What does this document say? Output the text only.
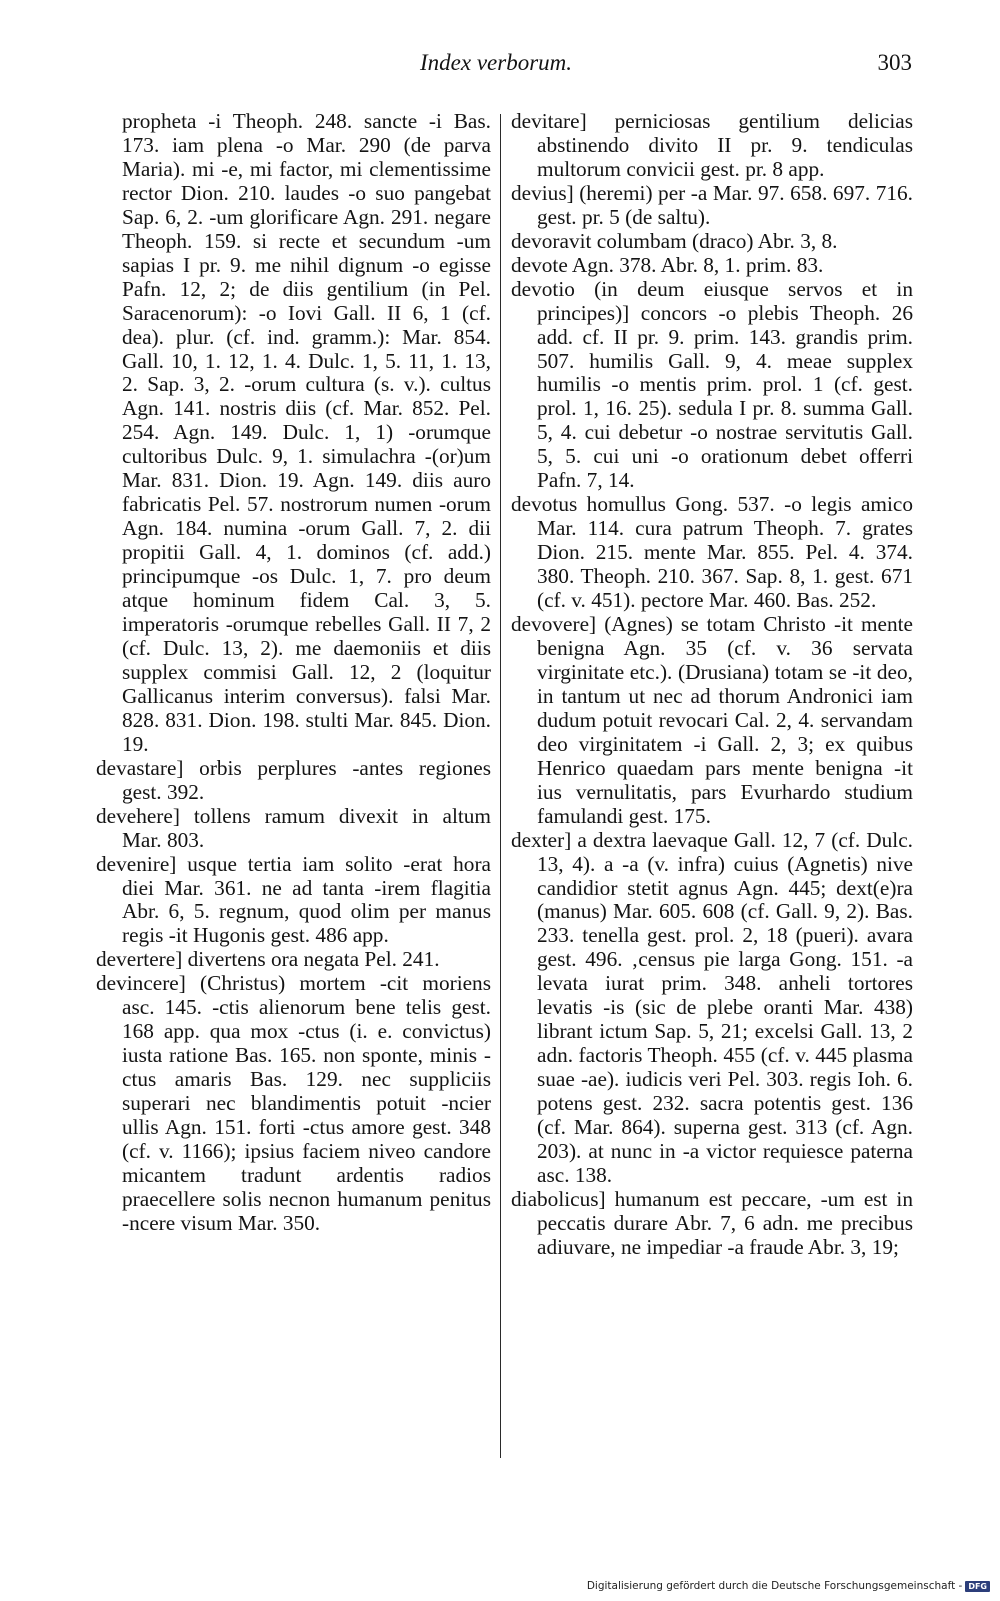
Index verborum.	303

propheta -i Theoph. 248. sancte -i Bas. 173. iam plena -o Mar. 290 (de parva Maria). mi -e, mi factor, mi clementissime rector Dion. 210. laudes -o suo pangebat Sap. 6, 2. -um glorificare Agn. 291. negare Theoph. 159. si recte et secundum -um sapias I pr. 9. me nihil dignum -o egisse Pafn. 12, 2; de diis gentilium (in Pel. Saracenorum): -o Iovi Gall. II 6, 1 (cf. dea). plur. (cf. ind. gramm.): Mar. 854. Gall. 10, 1. 12, 1. 4. Dulc. 1, 5. 11, 1. 13, 2. Sap. 3, 2. -orum cultura (s. v.). cultus Agn. 141. nostris diis (cf. Mar. 852. Pel. 254. Agn. 149. Dulc. 1, 1) -orumque cultoribus Dulc. 9, 1. simulachra -(or)um Mar. 831. Dion. 19. Agn. 149. diis auro fabricatis Pel. 57. nostrorum numen -orum Agn. 184. numina -orum Gall. 7, 2. dii propitii Gall. 4, 1. dominos (cf. add.) principumque -os Dulc. 1, 7. pro deum atque hominum fidem Cal. 3, 5. imperatoris -orumque rebelles Gall. II 7, 2 (cf. Dulc. 13, 2). me daemoniis et diis supplex commisi Gall. 12, 2 (loquitur Gallicanus interim conversus). falsi Mar. 828. 831. Dion. 198. stulti Mar. 845. Dion. 19.

devastare] orbis perplures -antes regiones gest. 392.

devehere] tollens ramum divexit in altum Mar. 803.

devenire] usque tertia iam solito -erat hora diei Mar. 361. ne ad tanta -irem flagitia Abr. 6, 5. regnum, quod olim per manus regis -it Hugonis gest. 486 app.

devertere] divertens ora negata Pel. 241.

devincere] (Christus) mortem -cit moriens asc. 145. -ctis alienorum bene telis gest. 168 app. qua mox -ctus (i. e. convictus) iusta ratione Bas. 165. non sponte, minis -ctus amaris Bas. 129. nec suppliciis superari nec blandimentis potuit -ncier ullis Agn. 151. forti -ctus amore gest. 348 (cf. v. 1166); ipsius faciem niveo candore micantem tradunt ardentis radios praecellere solis necnon humanum penitus -ncere visum Mar. 350.

devitare] perniciosas gentilium delicias abstinendo divito II pr. 9. tendiculas multorum convicii gest. pr. 8 app.

devius] (heremi) per -a Mar. 97. 658. 697. 716. gest. pr. 5 (de saltu).

devoravit columbam (draco) Abr. 3, 8.

devote Agn. 378. Abr. 8, 1. prim. 83.

devotio (in deum eiusque servos et in principes)] concors -o plebis Theoph. 26 add. cf. II pr. 9. prim. 143. grandis prim. 507. humilis Gall. 9, 4. meae supplex humilis -o mentis prim. prol. 1 (cf. gest. prol. 1, 16. 25). sedula I pr. 8. summa Gall. 5, 4. cui debetur -o nostrae servitutis Gall. 5, 5. cui uni -o orationum debet offerri Pafn. 7, 14.

devotus homullus Gong. 537. -o legis amico Mar. 114. cura patrum Theoph. 7. grates Dion. 215. mente Mar. 855. Pel. 4. 374. 380. Theoph. 210. 367. Sap. 8, 1. gest. 671 (cf. v. 451). pectore Mar. 460. Bas. 252.

devovere] (Agnes) se totam Christo -it mente benigna Agn. 35 (cf. v. 36 servata virginitate etc.). (Drusiana) totam se -it deo, in tantum ut nec ad thorum Andronici iam dudum potuit revocari Cal. 2, 4. servandam deo virginitatem -i Gall. 2, 3; ex quibus Henrico quaedam pars mente benigna -it ius vernulitatis, pars Evurhardo studium famulandi gest. 175.

dexter] a dextra laevaque Gall. 12, 7 (cf. Dulc. 13, 4). a -a (v. infra) cuius (Agnetis) nive candidior stetit agnus Agn. 445; dext(e)ra (manus) Mar. 605. 608 (cf. Gall. 9, 2). Bas. 233. tenella gest. prol. 2, 18 (pueri). avara gest. 496. ‚census pie larga Gong. 151. -a levata iurat prim. 348. anheli tortores levatis -is (sic de plebe oranti Mar. 438) librant ictum Sap. 5, 21; excelsi Gall. 13, 2 adn. factoris Theoph. 455 (cf. v. 445 plasma suae -ae). iudicis veri Pel. 303. regis Ioh. 6. potens gest. 232. sacra potentis gest. 136 (cf. Mar. 864). superna gest. 313 (cf. Agn. 203). at nunc in -a victor requiesce paterna asc. 138.

diabolicus] humanum est peccare, -um est in peccatis durare Abr. 7, 6 adn. me precibus adiuvare, ne impediar -a fraude Abr. 3, 19;

Digitalisierung gefördert durch die Deutsche Forschungsgemeinschaft - DFG
